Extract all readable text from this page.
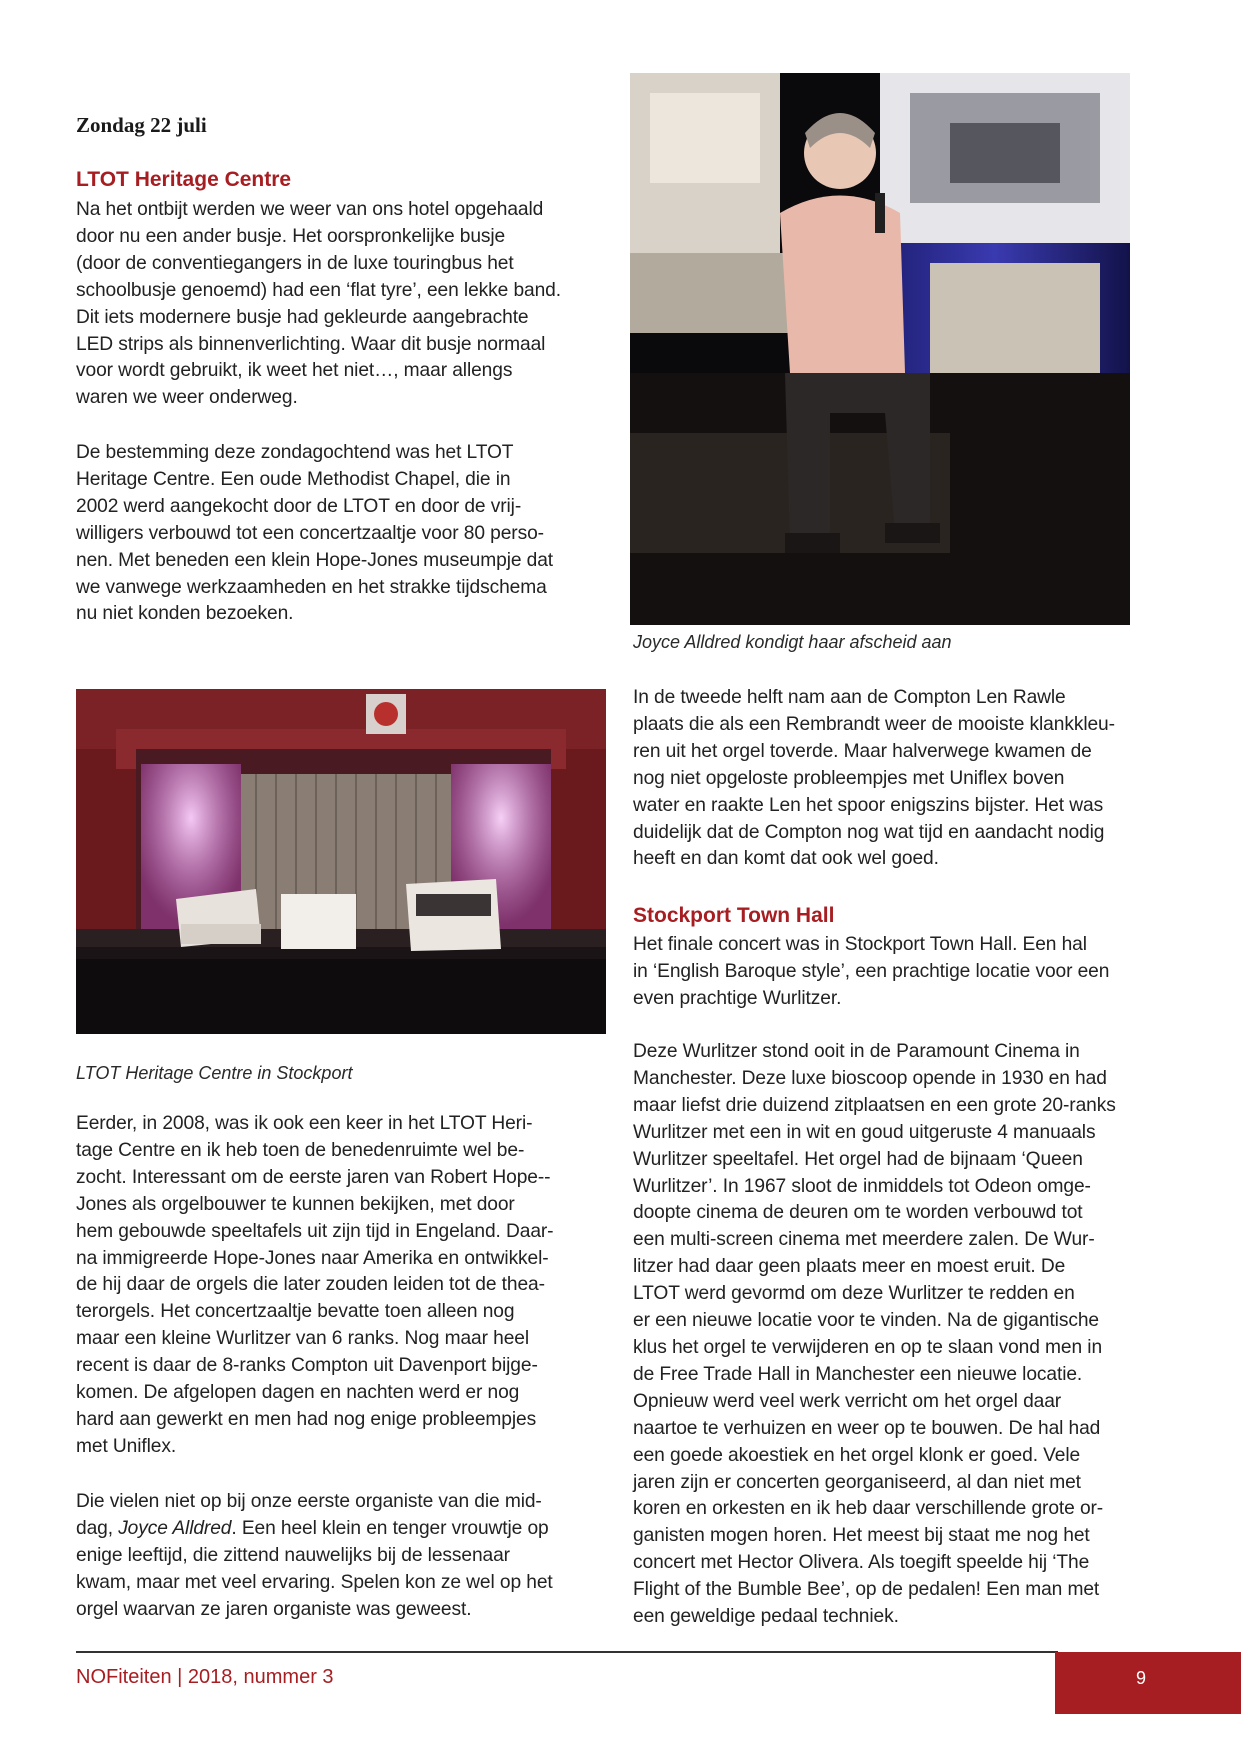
Zondag 22 juli
LTOT Heritage Centre
Na het ontbijt werden we weer van ons hotel opgehaald
door nu een ander busje. Het oorspronkelijke busje
(door de conventiegangers in de luxe touringbus het
schoolbusje genoemd) had een ‘flat tyre’, een lekke band.
Dit iets modernere busje had gekleurde aangebrachte
LED strips als binnenverlichting. Waar dit busje normaal
voor wordt gebruikt, ik weet het niet…, maar allengs
waren we weer onderweg.
De bestemming deze zondagochtend was het LTOT
Heritage Centre. Een oude Methodist Chapel, die in
2002 werd aangekocht door de LTOT en door de vrij-
willigers verbouwd tot een concertzaaltje voor 80 perso-
nen. Met beneden een klein Hope-Jones museumpje dat
we vanwege werkzaamheden en het strakke tijdschema
nu niet konden bezoeken.
LTOT Heritage Centre in Stockport
Eerder, in 2008, was ik ook een keer in het LTOT Heri-
tage Centre en ik heb toen de benedenruimte wel be-
zocht. Interessant om de eerste jaren van Robert Hope--
Jones als orgelbouwer te kunnen bekijken, met door
hem gebouwde speeltafels uit zijn tijd in Engeland. Daar-
na immigreerde Hope-Jones naar Amerika en ontwikkel-
de hij daar de orgels die later zouden leiden tot de thea-
terorgels. Het concertzaaltje bevatte toen alleen nog
maar een kleine Wurlitzer van 6 ranks. Nog maar heel
recent is daar de 8-ranks Compton uit Davenport bijge-
komen. De afgelopen dagen en nachten werd er nog
hard aan gewerkt en men had nog enige probleempjes
met Uniflex.
Die vielen niet op bij onze eerste organiste van die mid-
dag, Joyce Alldred. Een heel klein en tenger vrouwtje op
enige leeftijd, die zittend nauwelijks bij de lessenaar
kwam, maar met veel ervaring. Spelen kon ze wel op het
orgel waarvan ze jaren organiste was geweest.
Joyce Alldred kondigt haar afscheid aan
In de tweede helft nam aan de Compton Len Rawle
plaats die als een Rembrandt weer de mooiste klankkleu-
ren uit het orgel toverde. Maar halverwege kwamen de
nog niet opgeloste probleempjes met Uniflex boven
water en raakte Len het spoor enigszins bijster. Het was
duidelijk dat de Compton nog wat tijd en aandacht nodig
heeft en dan komt dat ook wel goed.
Stockport Town Hall
Het finale concert was in Stockport Town Hall. Een hal
in ‘English Baroque style’, een prachtige locatie voor een
even prachtige Wurlitzer.
Deze Wurlitzer stond ooit in de Paramount Cinema in
Manchester. Deze luxe bioscoop opende in 1930 en had
maar liefst drie duizend zitplaatsen en een grote 20-ranks
Wurlitzer met een in wit en goud uitgeruste 4 manuaals
Wurlitzer speeltafel. Het orgel had de bijnaam ‘Queen
Wurlitzer’. In 1967 sloot de inmiddels tot Odeon omge-
doopte cinema de deuren om te worden verbouwd tot
een multi-screen cinema met meerdere zalen. De Wur-
litzer had daar geen plaats meer en moest eruit. De
LTOT werd gevormd om deze Wurlitzer te redden en
er een nieuwe locatie voor te vinden. Na de gigantische
klus het orgel te verwijderen en op te slaan vond men in
de Free Trade Hall in Manchester een nieuwe locatie.
Opnieuw werd veel werk verricht om het orgel daar
naartoe te verhuizen en weer op te bouwen. De hal had
een goede akoestiek en het orgel klonk er goed. Vele
jaren zijn er concerten georganiseerd, al dan niet met
koren en orkesten en ik heb daar verschillende grote or-
ganisten mogen horen. Het meest bij staat me nog het
concert met Hector Olivera. Als toegift speelde hij ‘The
Flight of the Bumble Bee’, op de pedalen! Een man met
een geweldige pedaal techniek.
NOFiteiten | 2018, nummer 3	9
